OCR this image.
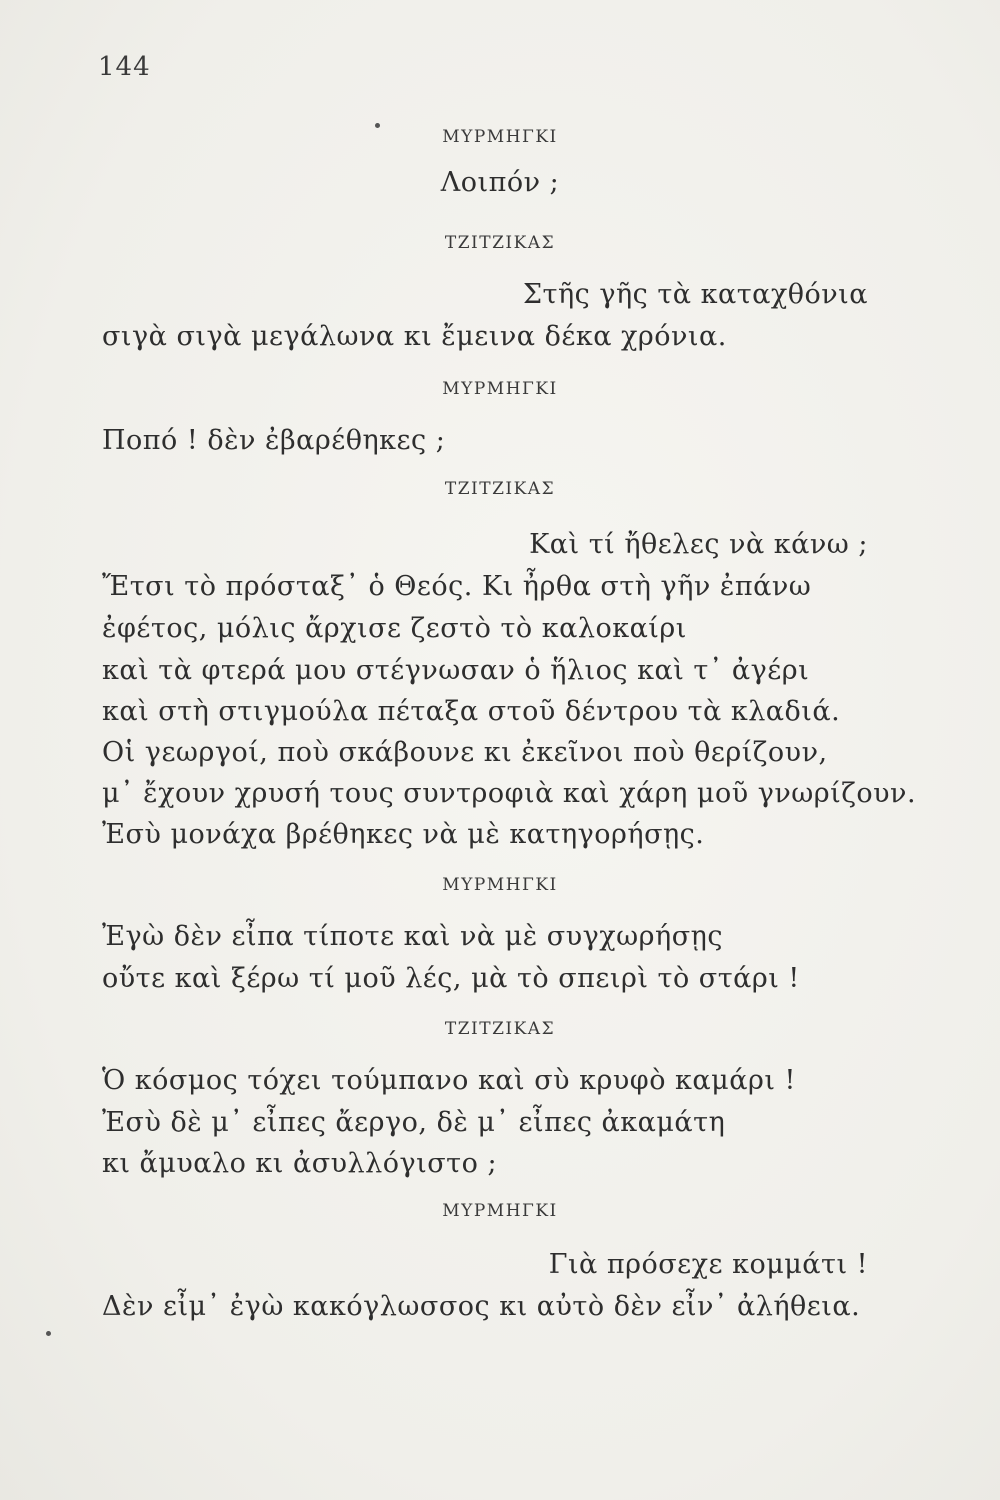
144
ΜΥΡΜΗΓΚΙ
Λοιπόν ;
ΤΖΙΤΖΙΚΑΣ
Στῆς γῆς τὰ καταχθόνια
σιγὰ σιγὰ μεγάλωνα κι ἔμεινα δέκα χρόνια.
ΜΥΡΜΗΓΚΙ
Ποπό ! δὲν ἐβαρέθηκες ;
ΤΖΙΤΖΙΚΑΣ
Καὶ τί ἤθελες νὰ κάνω ;
Ἔτσι τὸ πρόσταξ᾿ ὁ Θεός. Κι ἦρθα στὴ γῆν ἐπάνω
ἐφέτος, μόλις ἄρχισε ζεστὸ τὸ καλοκαίρι
καὶ τὰ φτερά μου στέγνωσαν ὁ ἥλιος καὶ τ᾿ ἀγέρι
καὶ στὴ στιγμούλα πέταξα στοῦ δέντρου τὰ κλαδιά.
Οἱ γεωργοί, ποὺ σκάβουνε κι ἐκεῖνοι ποὺ θερίζουν,
μ᾿ ἔχουν χρυσή τους συντροφιὰ καὶ χάρη μοῦ γνωρίζουν.
Ἐσὺ μονάχα βρέθηκες νὰ μὲ κατηγορήσῃς.
ΜΥΡΜΗΓΚΙ
Ἐγὼ δὲν εἶπα τίποτε καὶ νὰ μὲ συγχωρήσῃς
οὔτε καὶ ξέρω τί μοῦ λές, μὰ τὸ σπειρὶ τὸ στάρι !
ΤΖΙΤΖΙΚΑΣ
Ὁ κόσμος τόχει τούμπανο καὶ σὺ κρυφὸ καμάρι !
Ἐσὺ δὲ μ᾿ εἶπες ἄεργο, δὲ μ᾿ εἶπες ἀκαμάτη
κι ἄμυαλο κι ἀσυλλόγιστο ;
ΜΥΡΜΗΓΚΙ
Γιὰ πρόσεχε κομμάτι !
Δὲν εἶμ᾿ ἐγὼ κακόγλωσσος κι αὐτὸ δὲν εἶν᾿ ἀλήθεια.
